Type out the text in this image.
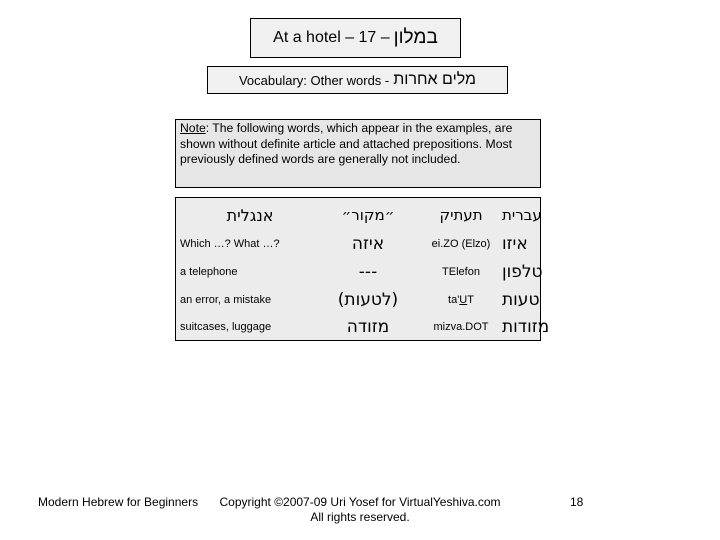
At a hotel – 17 – במלון
Vocabulary: Other words - מלים אחרות
Note: The following words, which appear in the examples, are shown without definite article and attached prepositions. Most previously defined words are generally not included.
אנגלית	״מקור״	תעתיק	עברית
Which …? What …?	איזה	ei.ZO (Elzo) איזו
a telephone	---	TElefon	טלפון
an error, a mistake	(לטעות)	ta' U T טעות
suitcases, luggage	מזודה	mizva.DOT מזודות
Modern Hebrew for Beginners	Copyright ©2007-09 Uri Yosef for VirtualYeshiva.com
All rights reserved.
18
